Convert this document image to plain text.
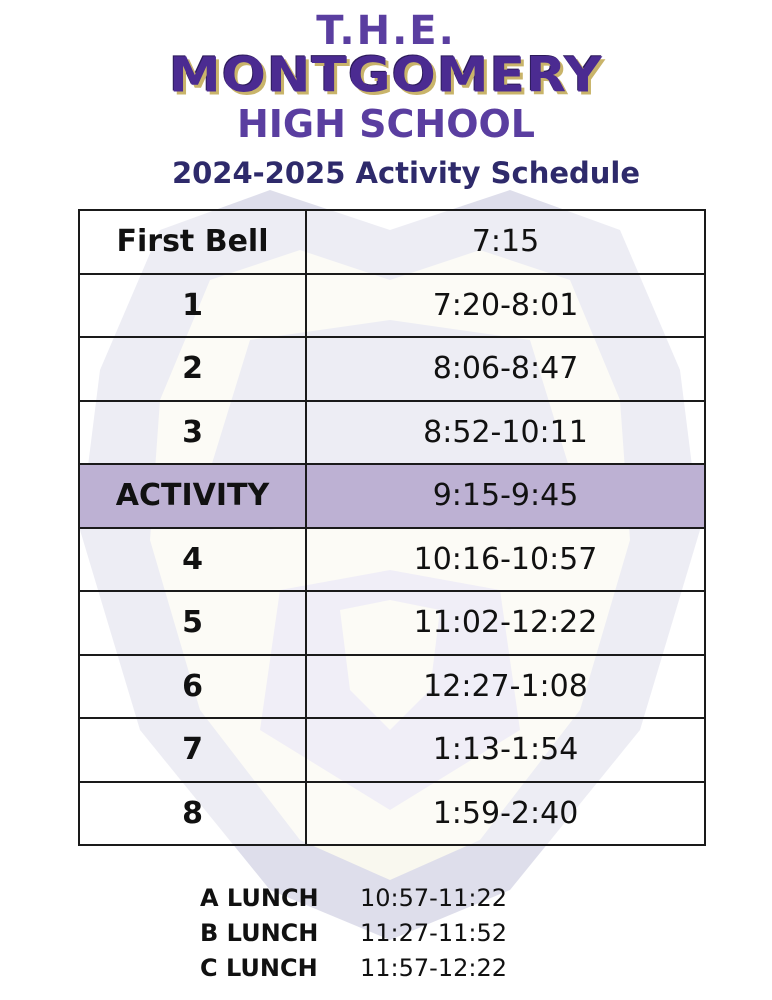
T.H.E.
MONTGOMERY
HIGH SCHOOL
2024-2025 Activity Schedule
First Bell	7:15
1	7:20-8:01
2	8:06-8:47
3	8:52-10:11
ACTIVITY	9:15-9:45
4	10:16-10:57
5	11:02-12:22
6	12:27-1:08
7	1:13-1:54
8	1:59-2:40
A LUNCH 10:57-11:22
B LUNCH 11:27-11:52
C LUNCH 11:57-12:22
